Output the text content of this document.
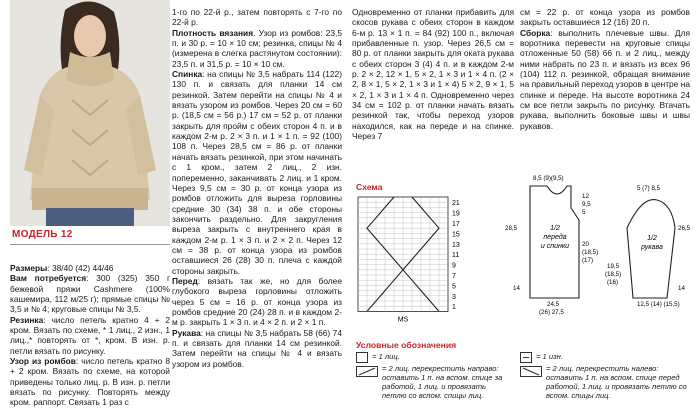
МОДЕЛЬ 12

Размеры: 38/40 (42) 44/46

Вам потребуется: 300 (325) 350 г бежевой пряжи Cashmere (100% кашемира, 112 м/25 г); прямые спицы № 3,5 и № 4; круговые спицы № 3,5.

Резинка: число петель кратно 4 + 2 кром. Вязать по схеме, * 1 лиц., 2 изн., 1 лиц.,* повторять от *, кром. В изн. р. петли вязать по рисунку.

Узор из ромбов: число петель кратно 8 + 2 кром. Вязать по схеме, на которой приведены только лиц. р. В изн. р. петли вязать по рисунку. Повторять между кром. раппорт. Связать 1 раз с

1-го по 22-й р., затем повторять с 7-го по 22-й р.

Плотность вязания. Узор из ромбов: 23,5 п. и 30 р. = 10 × 10 см; резинка, спицы № 4 (измерена в слегка растянутом состоянии): 23,5 п. и 31,5 р. = 10 × 10 см.

Спинка: на спицы № 3,5 набрать 114 (122) 130 п. и связать для планки 14 см резинкой. Затем перейти на спицы № 4 и вязать узором из ромбов. Через 20 см = 60 р. (18,5 см = 56 р.) 17 см = 52 р. от планки закрыть для пройм с обеих сторон 4 п. и в каждом 2-м р. 2 × 3 п. и 1 × 1 п. = 92 (100) 108 п. Через 28,5 см = 86 р. от планки начать вязать резинкой, при этом начинать с 1 кром., затем 2 лиц., 2 изн. попеременно, заканчивать 2 лиц. и 1 кром. Через 9,5 см = 30 р. от конца узора из ромбов отложить для выреза горловины средние 30 (34) 38 п. и обе стороны закончить раздельно. Для закругления выреза закрыть с внутреннего края в каждом 2-м р. 1 × 3 п. и 2 × 2 п. Через 12 см = 38 р. от конца узора из ромбов оставшиеся 26 (28) 30 п. плеча с каждой стороны закрыть.

Перед: вязать так же, но для более глубокого выреза горловины отложить через 5 см = 16 р. от конца узора из ромбов средние 20 (24) 28 п. и в каждом 2-м р. закрыть 1 × 3 п. и 4 × 2 п. и 2 × 1 п.

Рукава: на спицы № 3,5 набрать 58 (66) 74 п. и связать для планки 14 см резинкой. Затем перейти на спицы № 4 и вязать узором из ромбов.

Одновременно от планки прибавить для скосов рукава с обеих сторон в каждом 6-м р. 13 × 1 п. = 84 (92) 100 п., включая прибавленные п. узор. Через 26,5 см = 80 р. от планки закрыть для оката рукава с обеих сторон 3 (4) 4 п. и в каждом 2-м р. 2 × 2, 12 × 1, 5 × 2, 1 × 3 и 1 × 4 п. (2 × 2, 8 × 1, 5 × 2, 1 × 3 и 1 × 4) 5 × 2, 9 × 1, 5 × 2, 1 × 3 и 1 × 4 п. Одновременно через 34 см = 102 р. от планки начать вязать резинкой так, чтобы переход узоров находился, как на переде и на спинке. Через 7

см = 22 р. от конца узора из ромбов закрыть оставшиеся 12 (16) 20 п.

Сборка: выполнить плечевые швы. Для воротника перевести на круговые спицы отложенные 50 (58) 66 п. и 2 лиц., между ними набрать по 23 п. и вязать из всех 96 (104) 112 п. резинкой, обращая внимание на правильный переход узоров в центре на спинке и переде. На высоте воротника 24 см все петли закрыть по рисунку. Втачать рукава, выполнить боковые швы и швы рукавов.

Схема
21
19
17
15
13
11
9
7
5
3
1
MS
1/2
переда
и спинки
1/2
рукава
28,5
14
8,5 (9)(9,5)
12
9,5
5
20
(18,5)
(17)
24,5
(26) 27,5
5 (7) 8,5
26,5
14
19,5
(18,5)
(16)
12,5 (14) (15,5)
Условные обозначения
= 1 лиц.	= 1 изн.
= 2 лиц. перекрестить направо: оставить 1 п. на вспом. спице за работой, 1 лиц. и провязать петлю со вспом. спицы лиц.
= 2 лиц. перекрестить налево: оставить 1 п. на вспом. спице перед работой, 1 лиц. и провязать петлю со вспом. спицы лиц.
